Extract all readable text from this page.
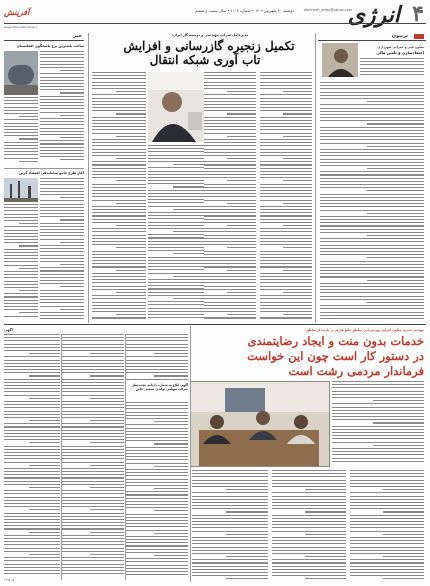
۴
انرژی
afarinesh_news@yahoo.com
دوشنبه ۳۰ شهریور ۱۴۰۲ • شماره ۱۱۰۴ • سال بیست و ششم
آفرینش
www.Afarinesh-daily.ir
تریبون
معاون فنی و عمرانی شهرداری:
اعتمادسازی و تامین مالی
مدیرعامل شرکت مهندسی و توسعه گاز ایران:
تکمیل زنجیره گازرسانی و افزایش
تاب آوری شبکه انتقال
خبر
ساخت بلندترین برج پاسخگوی افغانستان
آغاز طرح جامع ساماندهی اقتصاد کربن
مهندس حیدری معاون اجرایی بهره‌برداری مناطق خلیج فارس در بازدید از مناطق:
خدمات بدون منت و ایجاد رضایتمندی
در دستور کار است چون این خواست
فرماندار مردمی رشت است
آگهی
آگهی ابلاغ به شماره دادنامه تجدیدنظر شرکت سهامی تولیدی صنعتی خاص
کد ۱۳۹۸
